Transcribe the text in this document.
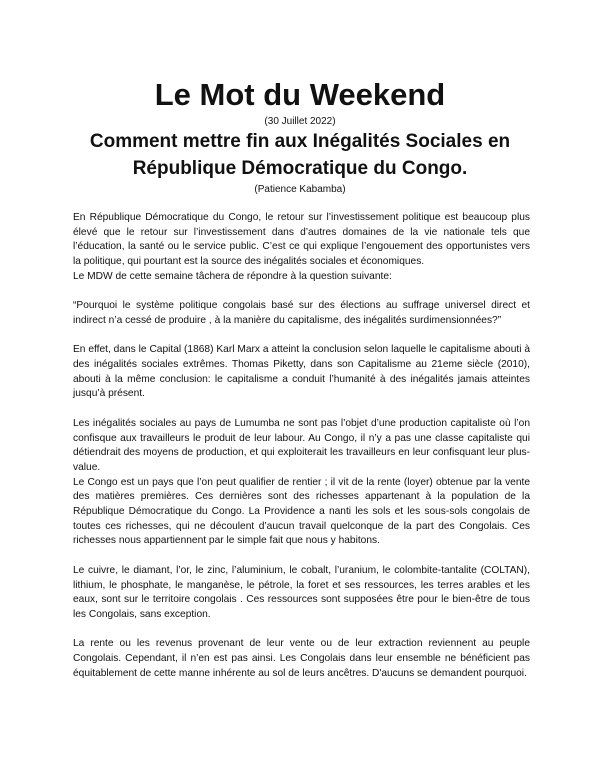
Le Mot du Weekend
(30 Juillet 2022)
Comment mettre fin aux Inégalités Sociales en République Démocratique du Congo.
(Patience Kabamba)

En République Démocratique du Congo, le retour sur l’investissement politique est beaucoup plus élevé que le retour sur l’investissement dans d’autres domaines de la vie nationale tels que l’éducation, la santé ou le service public. C’est ce qui explique l’engouement des opportunistes vers la politique, qui pourtant est la source des inégalités sociales et économiques.

Le MDW de cette semaine tâchera de répondre à la question suivante:

“Pourquoi le système politique congolais basé sur des élections au suffrage universel direct et indirect n’a cessé de produire , à la manière du capitalisme, des inégalités surdimensionnées?”

En effet, dans le Capital (1868) Karl Marx a atteint la conclusion selon laquelle le capitalisme abouti à des inégalités sociales extrêmes. Thomas Piketty, dans son Capitalisme au 21eme siècle (2010), abouti à la même conclusion: le capitalisme a conduit l’humanité à des inégalités jamais atteintes jusqu’à présent.

Les inégalités sociales au pays de Lumumba ne sont pas l’objet d’une production capitaliste où l’on confisque aux travailleurs le produit de leur labour. Au Congo, il n’y a pas une classe capitaliste qui détiendrait des moyens de production, et qui exploiterait les travailleurs en leur confisquant leur plus-value.

Le Congo est un pays que l’on peut qualifier de rentier ; il vit de la rente (loyer) obtenue par la vente des matières premières. Ces dernières sont des richesses appartenant à la population de la République Démocratique du Congo. La Providence a nanti les sols et les sous-sols congolais de toutes ces richesses, qui ne découlent d’aucun travail quelconque de la part des Congolais. Ces richesses nous appartiennent par le simple fait que nous y habitons.

Le cuivre, le diamant, l’or, le zinc, l’aluminium, le cobalt, l’uranium, le colombite-tantalite (COLTAN), lithium, le phosphate, le manganèse, le pétrole, la foret et ses ressources, les terres arables et les eaux, sont sur le territoire congolais . Ces ressources sont supposées être pour le bien-être de tous les Congolais, sans exception.

La rente ou les revenus provenant de leur vente ou de leur extraction reviennent au peuple Congolais. Cependant, il n’en est pas ainsi. Les Congolais dans leur ensemble ne bénéficient pas équitablement de cette manne inhérente au sol de leurs ancêtres. D'aucuns se demandent pourquoi.
